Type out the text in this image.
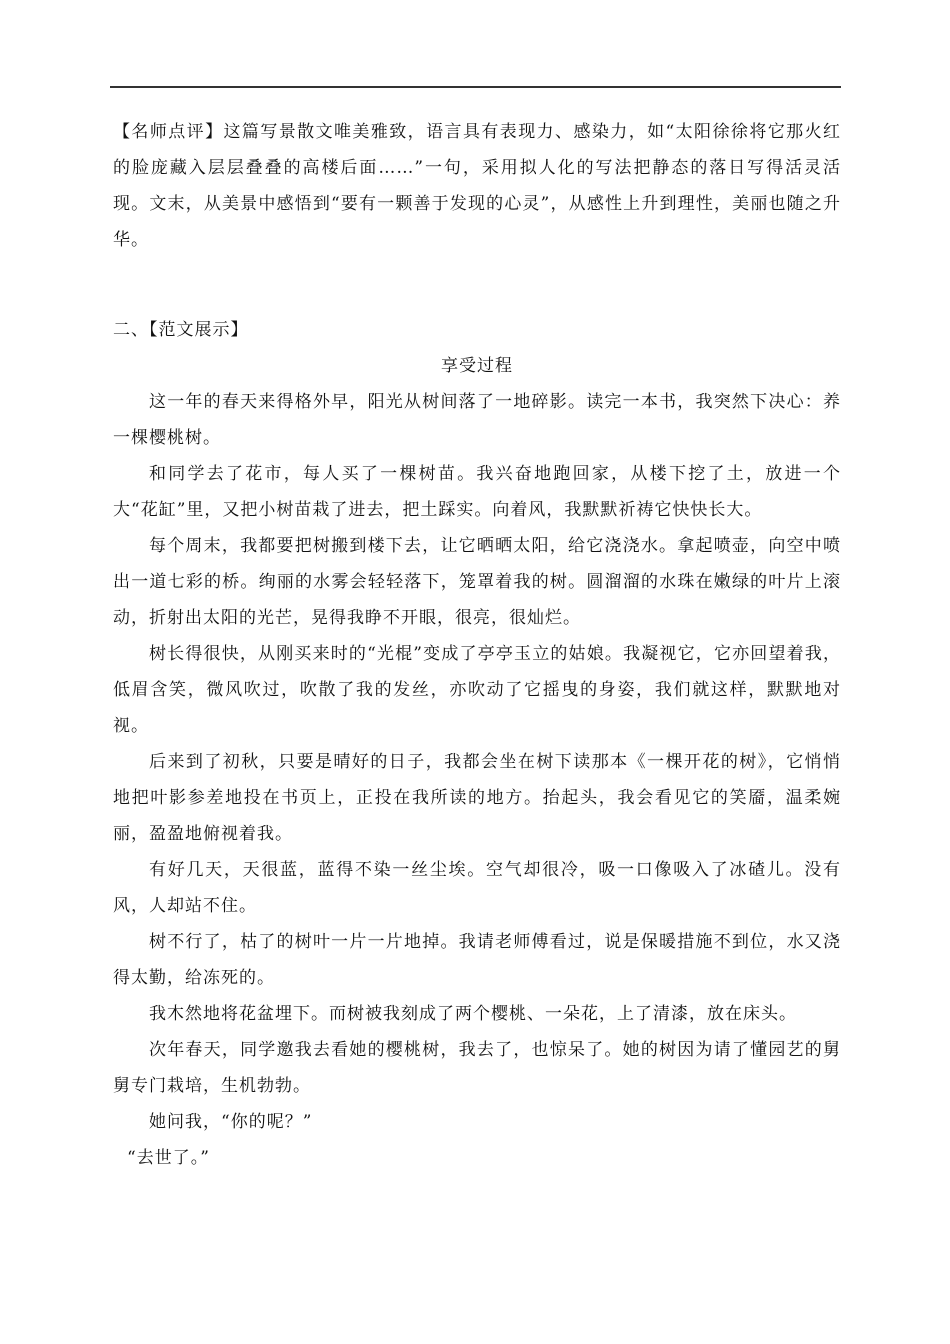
【名师点评】这篇写景散文唯美雅致，语言具有表现力、感染力，如“太阳徐徐将它那火红的脸庞藏入层层叠叠的高楼后面……”一句，采用拟人化的写法把静态的落日写得活灵活现。文末，从美景中感悟到“要有一颗善于发现的心灵”，从感性上升到理性，美丽也随之升华。

二、【范文展示】

享受过程

这一年的春天来得格外早，阳光从树间落了一地碎影。读完一本书，我突然下决心：养一棵樱桃树。

和同学去了花市，每人买了一棵树苗。我兴奋地跑回家，从楼下挖了土，放进一个大“花缸”里，又把小树苗栽了进去，把土踩实。向着风，我默默祈祷它快快长大。

每个周末，我都要把树搬到楼下去，让它晒晒太阳，给它浇浇水。拿起喷壶，向空中喷出一道七彩的桥。绚丽的水雾会轻轻落下，笼罩着我的树。圆溜溜的水珠在嫩绿的叶片上滚动，折射出太阳的光芒，晃得我睁不开眼，很亮，很灿烂。

树长得很快，从刚买来时的“光棍”变成了亭亭玉立的姑娘。我凝视它，它亦回望着我，低眉含笑，微风吹过，吹散了我的发丝，亦吹动了它摇曳的身姿，我们就这样，默默地对视。

后来到了初秋，只要是晴好的日子，我都会坐在树下读那本《一棵开花的树》，它悄悄地把叶影参差地投在书页上，正投在我所读的地方。抬起头，我会看见它的笑靥，温柔婉丽，盈盈地俯视着我。

有好几天，天很蓝，蓝得不染一丝尘埃。空气却很冷，吸一口像吸入了冰碴儿。没有风，人却站不住。

树不行了，枯了的树叶一片一片地掉。我请老师傅看过，说是保暖措施不到位，水又浇得太勤，给冻死的。

我木然地将花盆埋下。而树被我刻成了两个樱桃、一朵花，上了清漆，放在床头。

次年春天，同学邀我去看她的樱桃树，我去了，也惊呆了。她的树因为请了懂园艺的舅舅专门栽培，生机勃勃。

她问我，“你的呢？”

“去世了。”
